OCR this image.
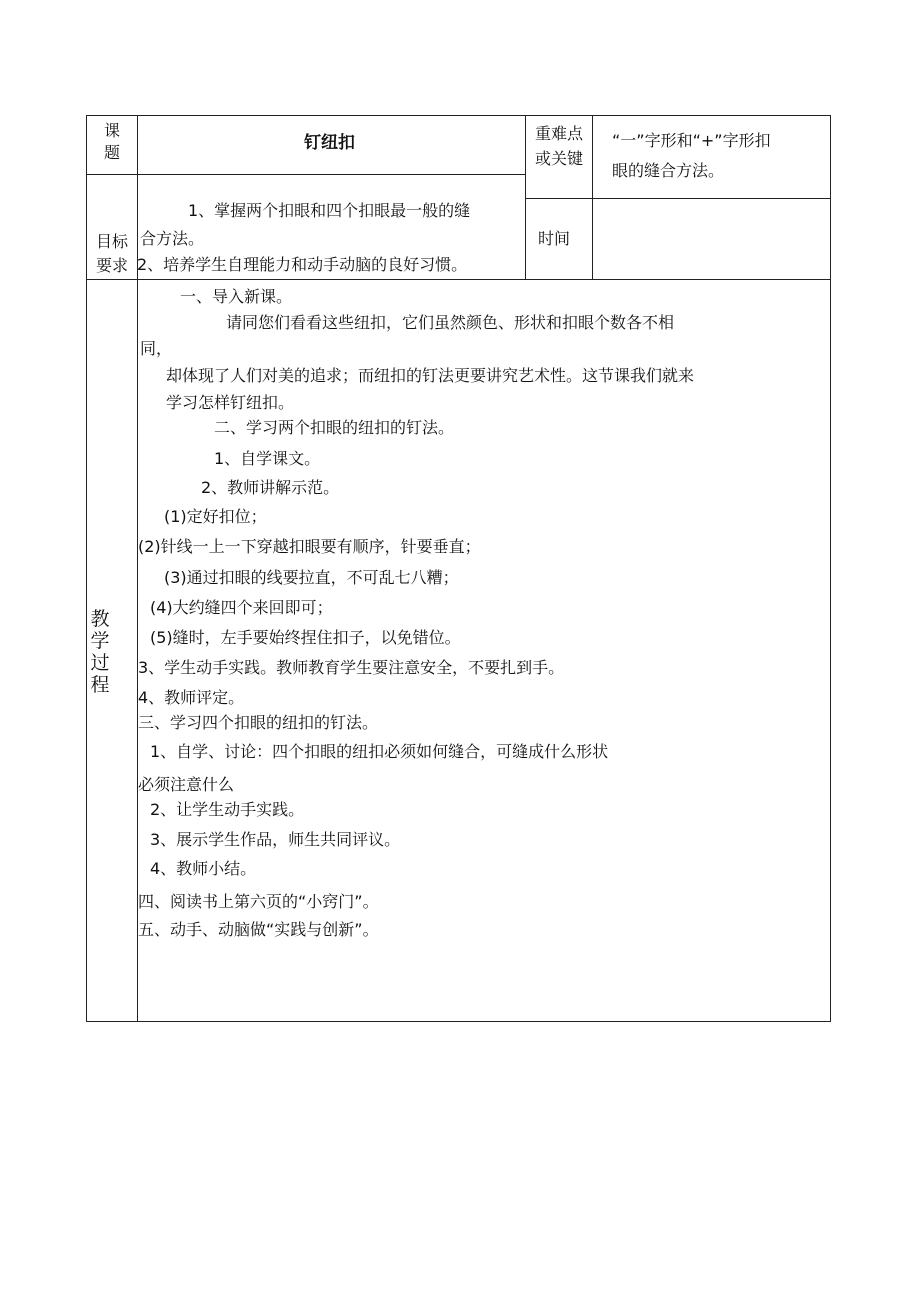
课
题	钉纽扣	重难点
或关键
“一”字形和“+”字形扣
眼的缝合方法。
目标
要求
1、掌握两个扣眼和四个扣眼最一般的缝
合方法。
2、培养学生自理能力和动手动脑的良好习惯。
时间
教
学
过
程
一、导入新课。
请同您们看看这些纽扣，它们虽然颜色、形状和扣眼个数各不相
同，
却体现了人们对美的追求；而纽扣的钉法更要讲究艺术性。这节课我们就来
学习怎样钉纽扣。
二、学习两个扣眼的纽扣的钉法。
1、自学课文。
2、教师讲解示范。
(1)定好扣位；
(2)针线一上一下穿越扣眼要有顺序，针要垂直；
(3)通过扣眼的线要拉直，不可乱七八糟；
(4)大约缝四个来回即可；
(5)缝时，左手要始终捏住扣子，以免错位。
3、学生动手实践。教师教育学生要注意安全，不要扎到手。
4、教师评定。
三、学习四个扣眼的纽扣的钉法。
1、自学、讨论：四个扣眼的纽扣必须如何缝合，可缝成什么形状
必须注意什么
2、让学生动手实践。
3、展示学生作品，师生共同评议。
4、教师小结。
四、阅读书上第六页的“小窍门”。
五、动手、动脑做“实践与创新”。
